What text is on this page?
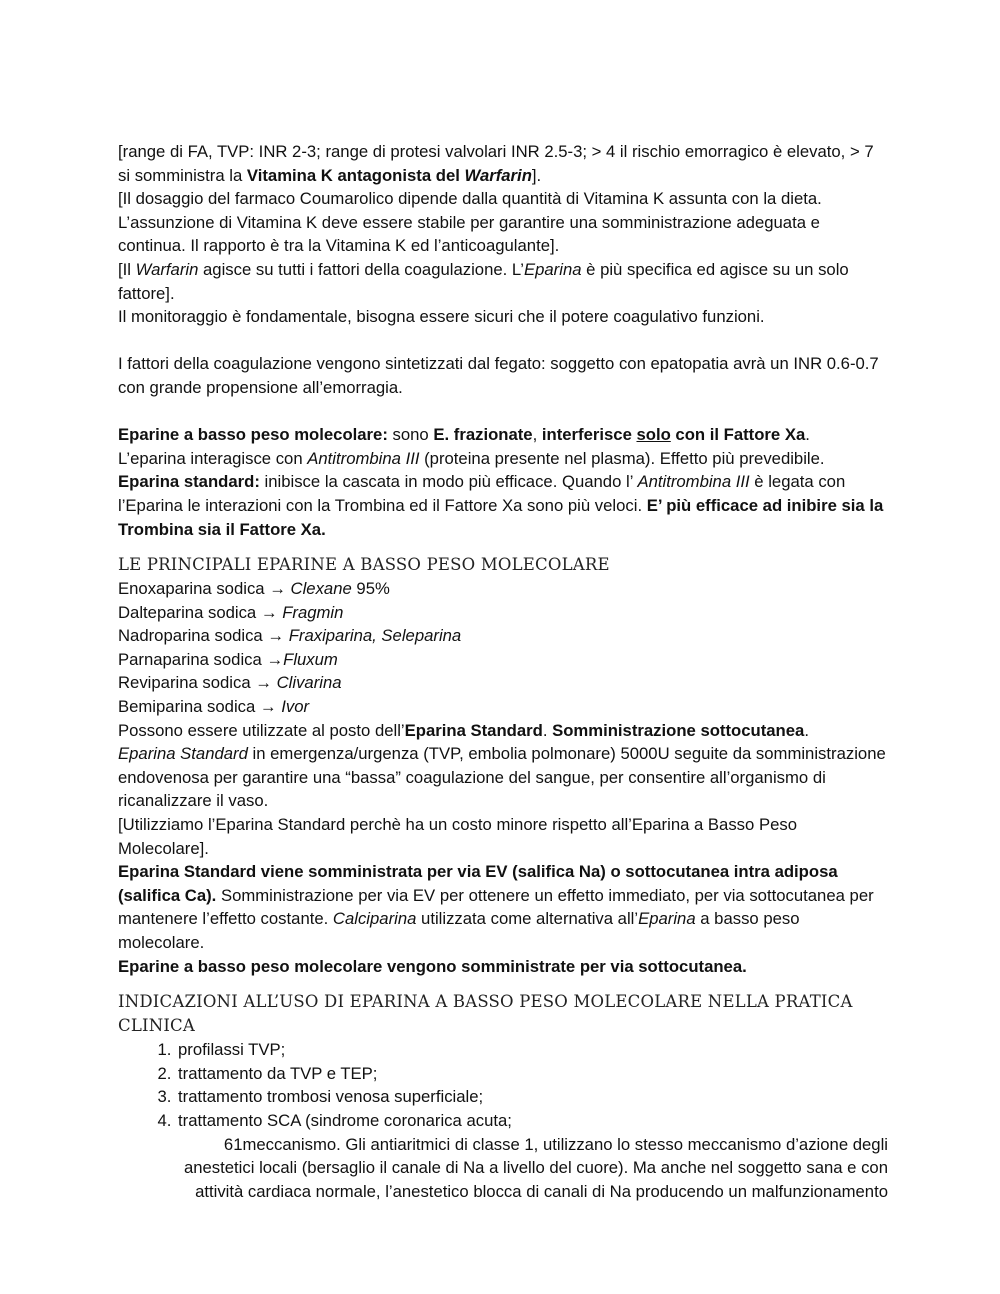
[range di FA, TVP: INR 2-3; range di protesi valvolari INR 2.5-3; > 4 il rischio emorragico è elevato, > 7 si somministra la Vitamina K antagonista del Warfarin].

[Il dosaggio del farmaco Coumarolico dipende dalla quantità di Vitamina K assunta con la dieta. L’assunzione di Vitamina K deve essere stabile per garantire una somministrazione adeguata e continua. Il rapporto è tra la Vitamina K ed l’anticoagulante].

[Il Warfarin agisce su tutti i fattori della coagulazione. L’Eparina è più specifica ed agisce su un solo fattore].

Il monitoraggio è fondamentale, bisogna essere sicuri che il potere coagulativo funzioni.

I fattori della coagulazione vengono sintetizzati dal fegato: soggetto con epatopatia avrà un INR 0.6-0.7 con grande propensione all’emorragia.

Eparine a basso peso molecolare: sono E. frazionate, interferisce solo con il Fattore Xa.

L’eparina interagisce con Antitrombina III (proteina presente nel plasma). Effetto più prevedibile.

Eparina standard: inibisce la cascata in modo più efficace. Quando l’ Antitrombina III è legata con l’Eparina le interazioni con la Trombina ed il Fattore Xa sono più veloci. E’ più efficace ad inibire sia la Trombina sia il Fattore Xa.

LE PRINCIPALI EPARINE A BASSO PESO MOLECOLARE

Enoxaparina sodica → Clexane 95%

Dalteparina sodica → Fragmin

Nadroparina sodica → Fraxiparina, Seleparina

Parnaparina sodica →Fluxum

Reviparina sodica → Clivarina

Bemiparina sodica → Ivor

Possono essere utilizzate al posto dell’Eparina Standard. Somministrazione sottocutanea.

Eparina Standard in emergenza/urgenza (TVP, embolia polmonare) 5000U seguite da somministrazione endovenosa per garantire una “bassa” coagulazione del sangue, per consentire all’organismo di ricanalizzare il vaso.

[Utilizziamo l’Eparina Standard perchè ha un costo minore rispetto all’Eparina a Basso Peso Molecolare].

Eparina Standard viene somministrata per via EV (salifica Na) o sottocutanea intra adiposa (salifica Ca). Somministrazione per via EV per ottenere un effetto immediato, per via sottocutanea per mantenere l’effetto costante. Calciparina utilizzata come alternativa all’Eparina a basso peso molecolare.

Eparine a basso peso molecolare vengono somministrate per via sottocutanea.

INDICAZIONI ALL’USO DI EPARINA A BASSO PESO MOLECOLARE NELLA PRATICA CLINICA

1. profilassi TVP;
2. trattamento da TVP e TEP;
3. trattamento trombosi venosa superficiale;
4. trattamento SCA (sindrome coronarica acuta;

61meccanismo. Gli antiaritmici di classe 1, utilizzano lo stesso meccanismo d’azione degli

anestetici locali (bersaglio il canale di Na a livello del cuore). Ma anche nel soggetto sana e con

attività cardiaca normale, l’anestetico blocca di canali di Na producendo un malfunzionamento
